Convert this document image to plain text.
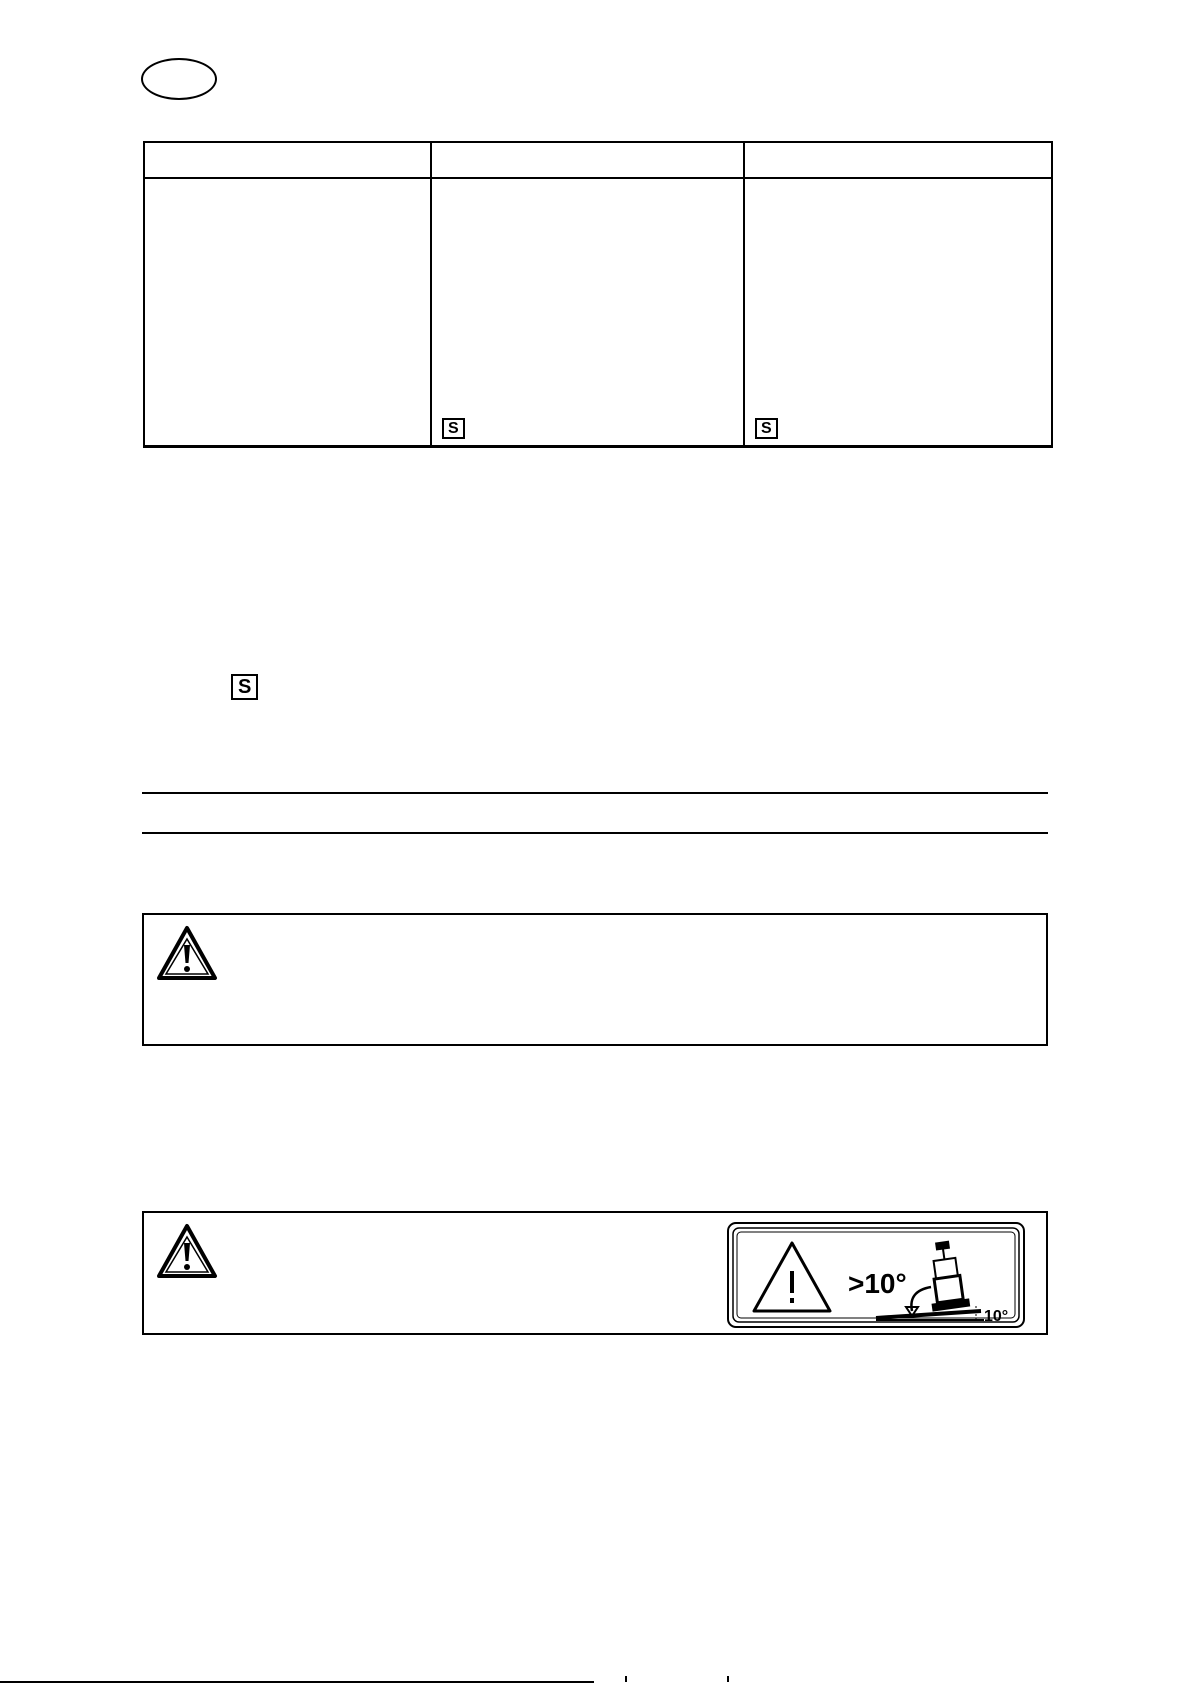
	S	S
S
>10°
10°
